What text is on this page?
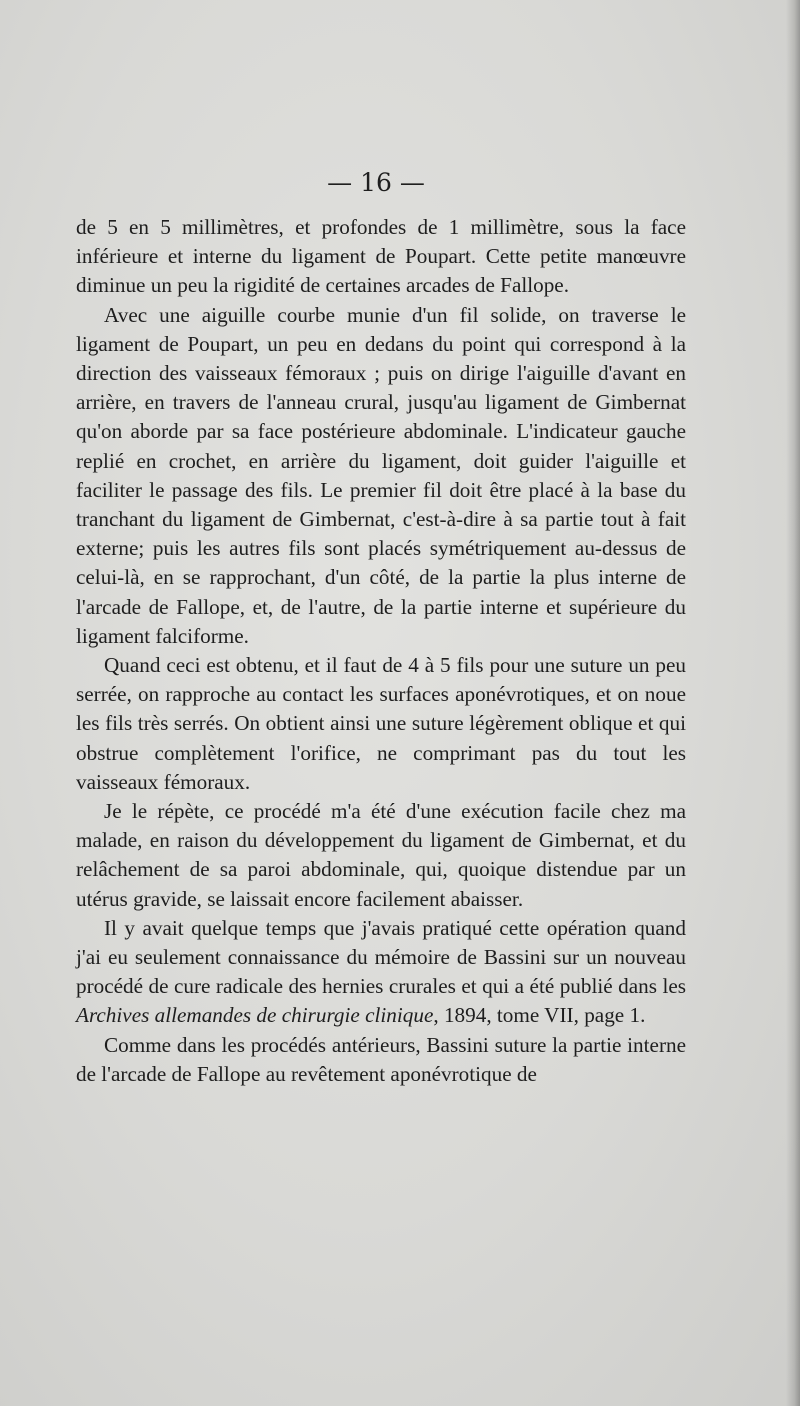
— 16 —

de 5 en 5 millimètres, et profondes de 1 millimètre, sous la face inférieure et interne du ligament de Poupart. Cette petite manœuvre diminue un peu la rigidité de certaines arcades de Fallope.

Avec une aiguille courbe munie d'un fil solide, on traverse le ligament de Poupart, un peu en dedans du point qui correspond à la direction des vaisseaux fémoraux ; puis on dirige l'aiguille d'avant en arrière, en travers de l'anneau crural, jusqu'au ligament de Gimbernat qu'on aborde par sa face postérieure abdominale. L'indicateur gauche replié en crochet, en arrière du ligament, doit guider l'aiguille et faciliter le passage des fils. Le premier fil doit être placé à la base du tranchant du ligament de Gimbernat, c'est-à-dire à sa partie tout à fait externe; puis les autres fils sont placés symétriquement au-dessus de celui-là, en se rapprochant, d'un côté, de la partie la plus interne de l'arcade de Fallope, et, de l'autre, de la partie interne et supérieure du ligament falciforme.

Quand ceci est obtenu, et il faut de 4 à 5 fils pour une suture un peu serrée, on rapproche au contact les surfaces aponévrotiques, et on noue les fils très serrés. On obtient ainsi une suture légèrement oblique et qui obstrue complètement l'orifice, ne comprimant pas du tout les vaisseaux fémoraux.

Je le répète, ce procédé m'a été d'une exécution facile chez ma malade, en raison du développement du ligament de Gimbernat, et du relâchement de sa paroi abdominale, qui, quoique distendue par un utérus gravide, se laissait encore facilement abaisser.

Il y avait quelque temps que j'avais pratiqué cette opération quand j'ai eu seulement connaissance du mémoire de Bassini sur un nouveau procédé de cure radicale des hernies crurales et qui a été publié dans les Archives allemandes de chirurgie clinique, 1894, tome VII, page 1.

Comme dans les procédés antérieurs, Bassini suture la partie interne de l'arcade de Fallope au revêtement aponévrotique de
